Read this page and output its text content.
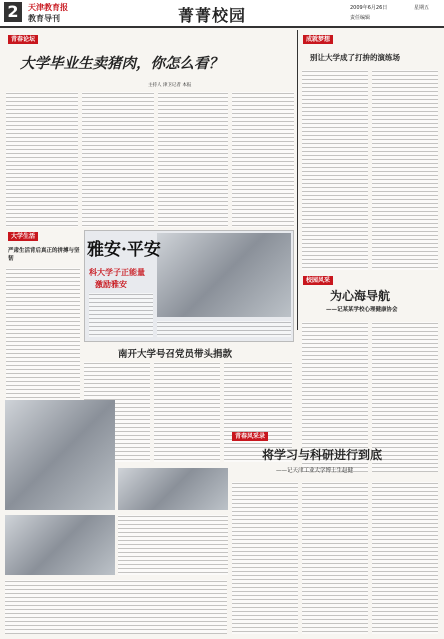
2	天津教育报
教育导刊	菁菁校园	2009年6月26日	星期五
责任编辑
青春论坛
大学毕业生卖猪肉，你怎么看？
主持人 津卫记者 本报
成就梦想
别让大学成了打拚的演练场
大学生活
严肃生活背后真正的拼搏与坚韧	雅安·平安
科大学子正能量
激励雅安
南开大学号召党员带头捐款
校园风采
为心海导航
——记某某学校心理健康协会
青春风采录
将学习与科研进行到底
——记天津工业大学博士生赵健
